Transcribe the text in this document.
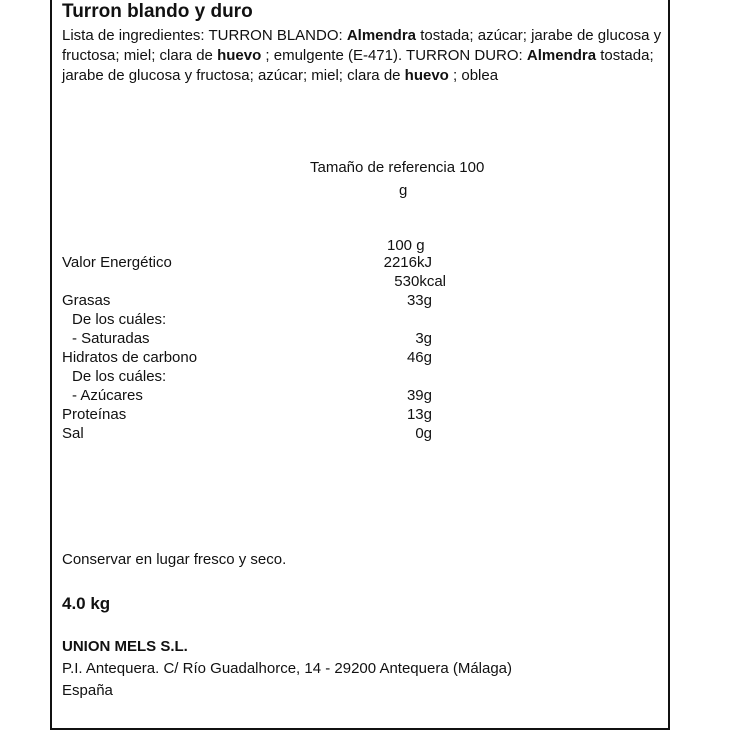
Turron blando y duro
Lista de ingredientes: TURRON BLANDO: Almendra tostada; azúcar; jarabe de glucosa y fructosa; miel; clara de huevo ; emulgente (E-471). TURRON DURO: Almendra tostada; jarabe de glucosa y fructosa; azúcar; miel; clara de huevo ; oblea
Tamaño de referencia 100
g
100 g
Valor Energético	2216kJ
530kcal
Grasas	33g
De los cuáles:
- Saturadas	3g
Hidratos de carbono	46g
De los cuáles:
- Azúcares	39g
Proteínas	13g
Sal	0g
Conservar en lugar fresco y seco.
4.0 kg
UNION MELS S.L.
P.I. Antequera. C/ Río Guadalhorce, 14 - 29200 Antequera (Málaga)
España
